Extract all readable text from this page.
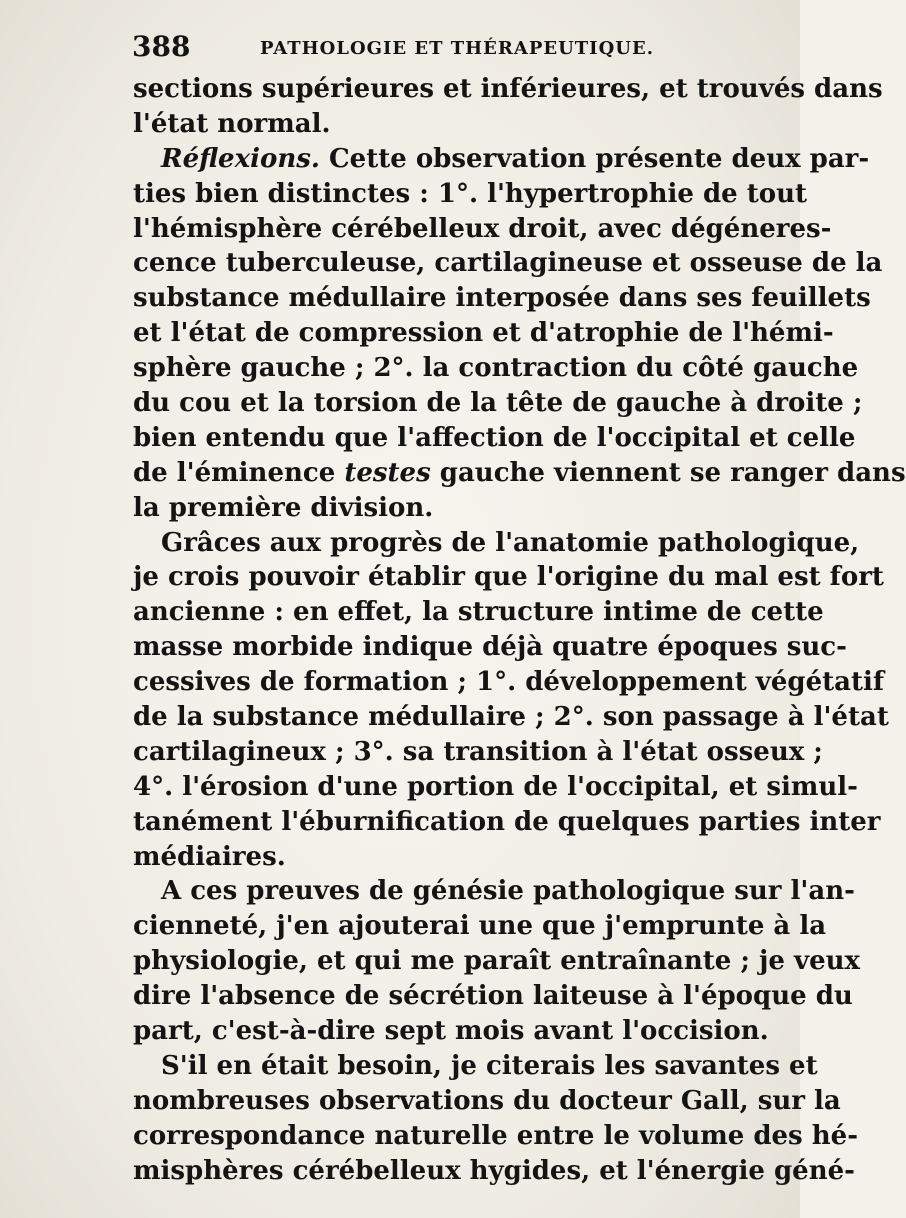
388	PATHOLOGIE ET THÉRAPEUTIQUE.
sections supérieures et inférieures, et trouvés dans
l'état normal.
Réflexions. Cette observation présente deux par-
ties bien distinctes : 1°. l'hypertrophie de tout
l'hémisphère cérébelleux droit, avec dégéneres-
cence tuberculeuse, cartilagineuse et osseuse de la
substance médullaire interposée dans ses feuillets
et l'état de compression et d'atrophie de l'hémi-
sphère gauche ; 2°. la contraction du côté gauche
du cou et la torsion de la tête de gauche à droite ;
bien entendu que l'affection de l'occipital et celle
de l'éminence testes gauche viennent se ranger dans
la première division.
Grâces aux progrès de l'anatomie pathologique,
je crois pouvoir établir que l'origine du mal est fort
ancienne : en effet, la structure intime de cette
masse morbide indique déjà quatre époques suc-
cessives de formation ; 1°. développement végétatif
de la substance médullaire ; 2°. son passage à l'état
cartilagineux ; 3°. sa transition à l'état osseux ;
4°. l'érosion d'une portion de l'occipital, et simul-
tanément l'éburnification de quelques parties inter
médiaires.
A ces preuves de génésie pathologique sur l'an-
cienneté, j'en ajouterai une que j'emprunte à la
physiologie, et qui me paraît entraînante ; je veux
dire l'absence de sécrétion laiteuse à l'époque du
part, c'est-à-dire sept mois avant l'occision.
S'il en était besoin, je citerais les savantes et
nombreuses observations du docteur Gall, sur la
correspondance naturelle entre le volume des hé-
misphères cérébelleux hygides, et l'énergie géné-
